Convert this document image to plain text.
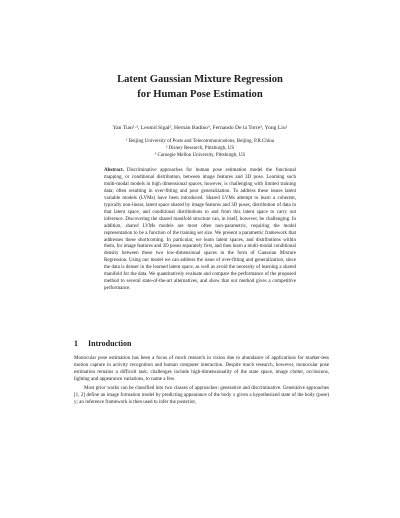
Latent Gaussian Mixture Regression
for Human Pose Estimation
Yan Tian¹·³, Leonid Sigal², Hernán Badino³, Fernando De la Torre³, Yong Liu¹
¹ Beijing University of Posts and Telecommunications, Beijing, P.R.China
² Disney Research, Pittsburgh, US
³ Carnegie Mellon University, Pittsburgh, US
Abstract. Discriminative approaches for human pose estimation model the functional mapping, or conditional distribution, between image features and 3D pose. Learning such multi-modal models in high dimensional spaces, however, is challenging with limited training data; often resulting in over-fitting and poor generalization. To address these issues latent variable models (LVMs) have been introduced. Shared LVMs attempt to learn a coherent, typically non-linear, latent space shared by image features and 3D poses, distribution of data in that latent space, and conditional distributions to and from this latent space to carry out inference. Discovering the shared manifold structure can, in itself, however, be challenging. In addition, shared LVMs models are most often non-parametric, requiring the model representation to be a function of the training set size. We present a parametric framework that addresses these shortcoming. In particular, we learn latent spaces, and distributions within them, for image features and 3D poses separately first, and then learn a multi-modal conditional density between these two low-dimensional spaces in the form of Gaussian Mixture Regression. Using our model we can address the issue of over-fitting and generalization, since the data is denser in the learned latent space, as well as avoid the necessity of learning a shared manifold for the data. We quantitatively evaluate and compare the performance of the proposed method to several state-of-the-art alternatives, and show that our method gives a competitive performance.
1 Introduction

Monocular pose estimation has been a focus of much research in vision due to abundance of applications for marker-less motion capture in activity recognition and human computer interaction. Despite much research, however, monocular pose estimation remains a difficult task; challenges include high-dimensionality of the state space, image clutter, occlusions, lighting and appearance variations, to name a few.

Most prior works can be classified into two classes of approaches: generative and discriminative. Generative approaches [1, 2] define an image formation model by predicting appearance of the body x given a hypothesized state of the body (pose) y; an inference framework is then used to infer the posterior,
